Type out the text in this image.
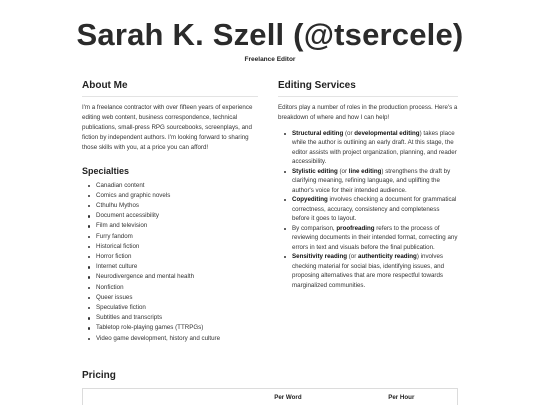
Sarah K. Szell (@tsercele)
Freelance Editor
About Me

I'm a freelance contractor with over fifteen years of experience editing web content, business correspondence, technical publications, small-press RPG sourcebooks, screenplays, and fiction by independent authors. I'm looking forward to sharing those skills with you, at a price you can afford!

Specialties
Canadian content
Comics and graphic novels
Cthulhu Mythos
Document accessibility
Film and television
Furry fandom
Historical fiction
Horror fiction
Internet culture
Neurodivergence and mental health
Nonfiction
Queer issues
Speculative fiction
Subtitles and transcripts
Tabletop role-playing games (TTRPGs)
Video game development, history and culture
Editing Services

Editors play a number of roles in the production process. Here's a breakdown of where and how I can help!

Structural editing (or developmental editing) takes place while the author is outlining an early draft. At this stage, the editor assists with project organization, planning, and reader accessibility.
Stylistic editing (or line editing) strengthens the draft by clarifying meaning, refining language, and uplifting the author's voice for their intended audience.
Copyediting involves checking a document for grammatical correctness, accuracy, consistency and completeness before it goes to layout.
By comparison, proofreading refers to the process of reviewing documents in their intended format, correcting any errors in text and visuals before the final publication.
Sensitivity reading (or authenticity reading) involves checking material for social bias, identifying issues, and proposing alternatives that are more respectful towards marginalized communities.
Pricing
Per Word	Per Hour
